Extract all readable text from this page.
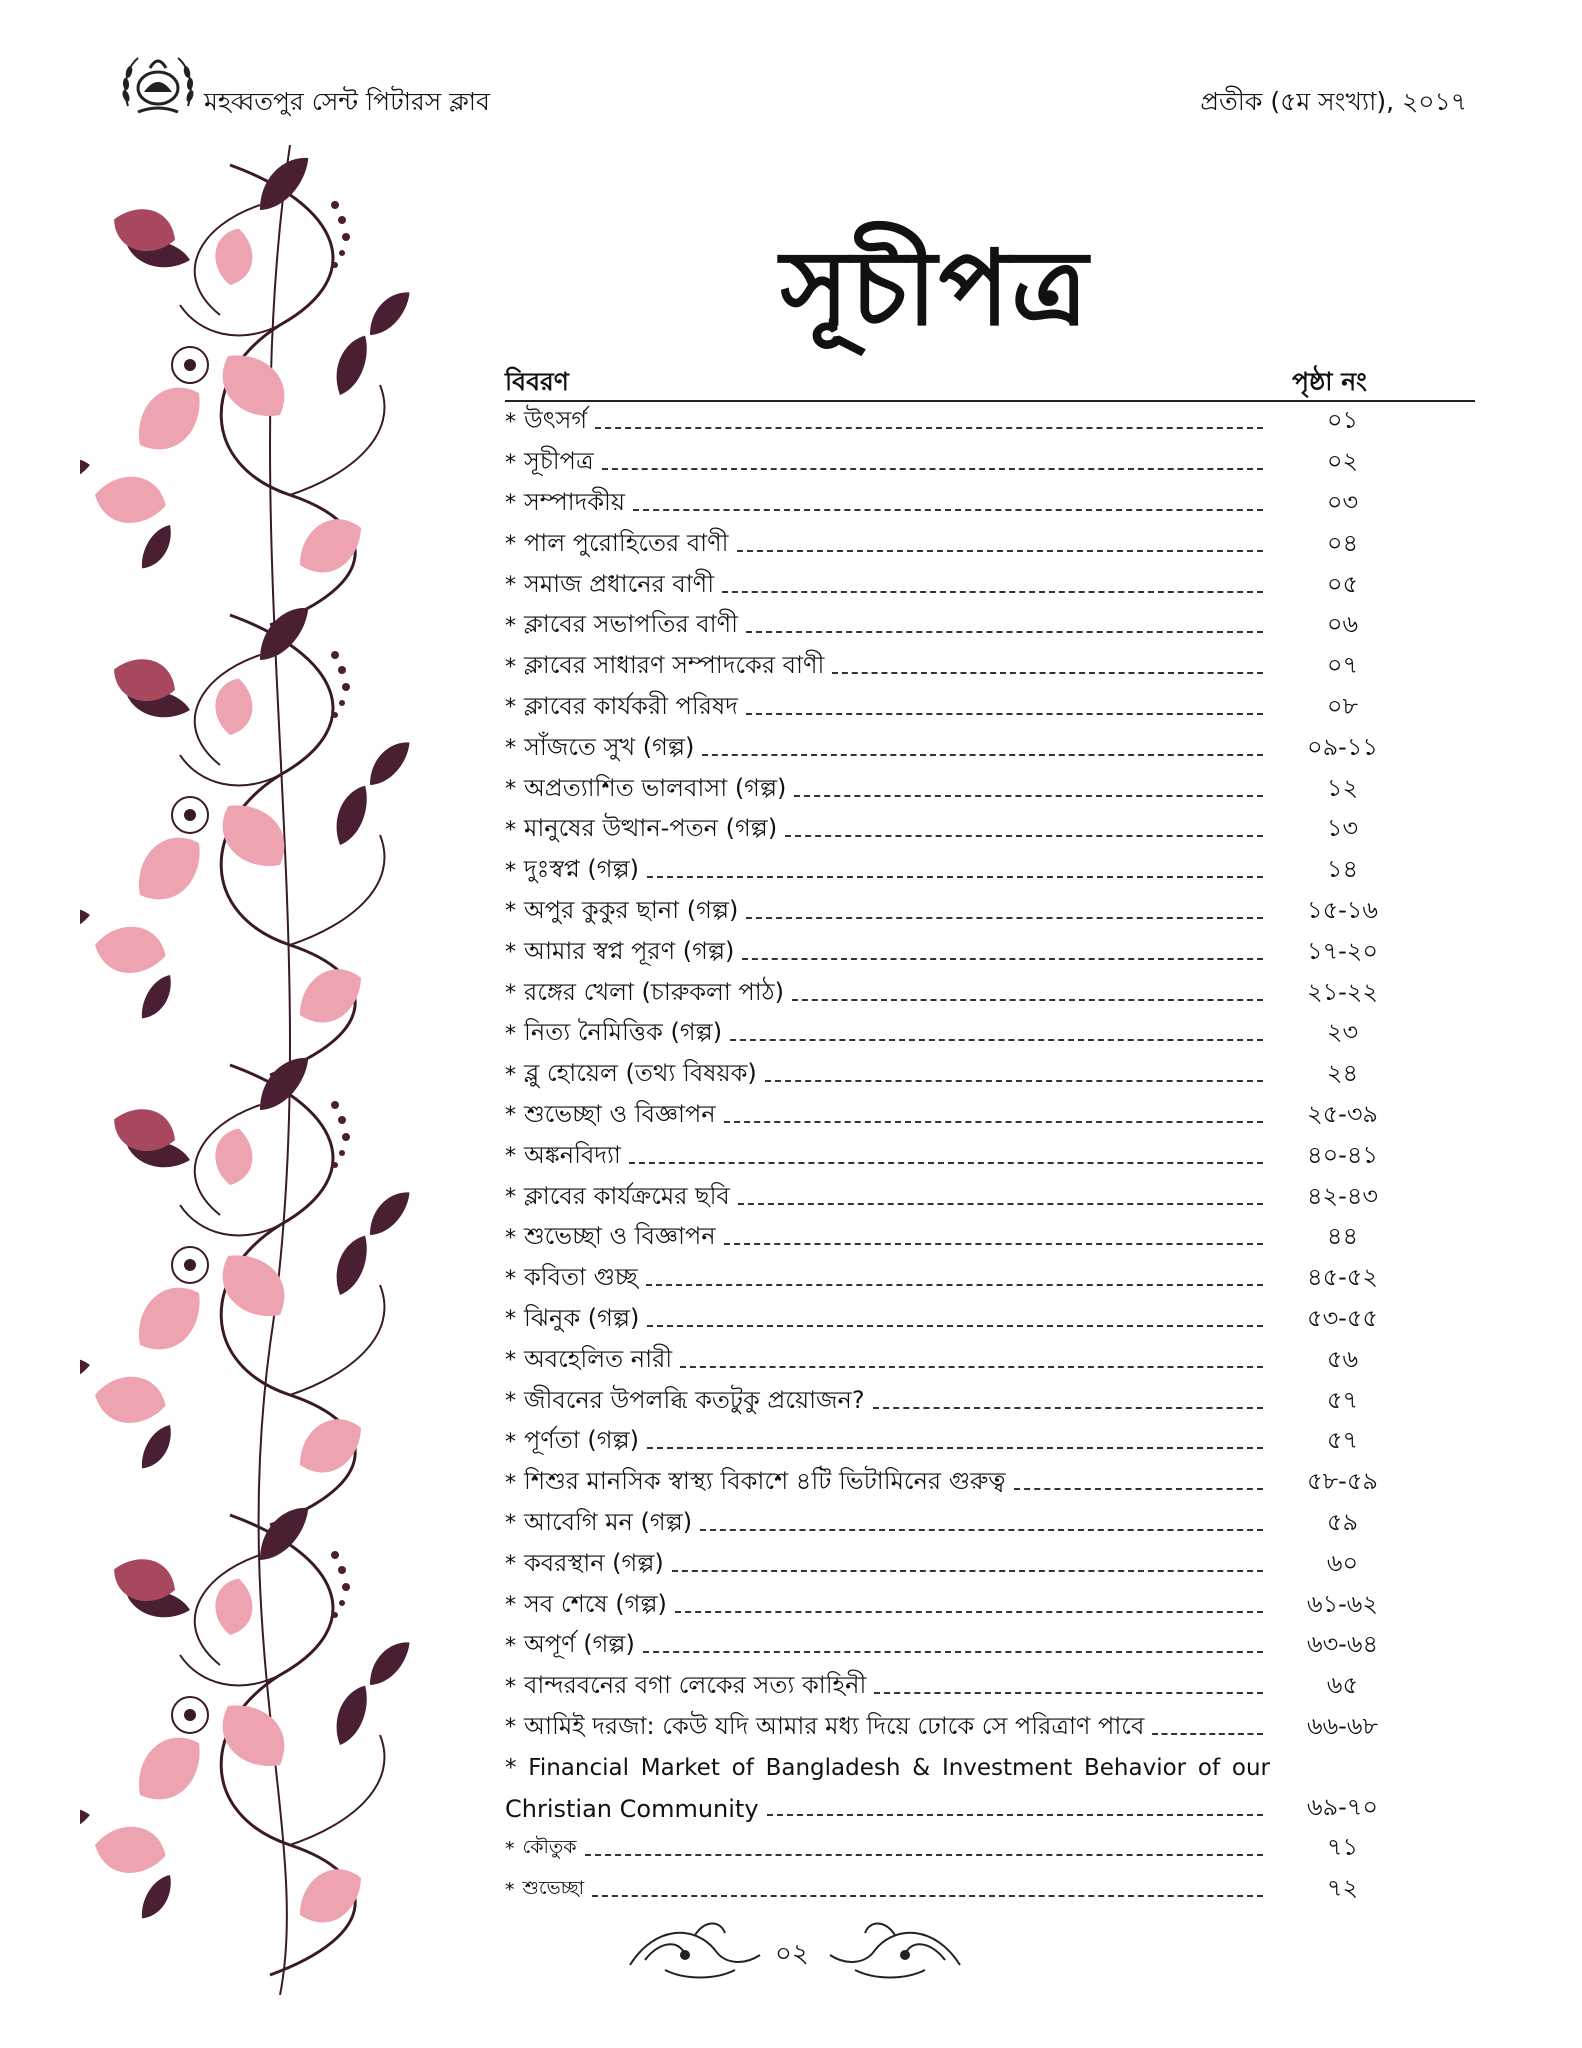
মহব্বতপুর সেন্ট পিটারস ক্লাব	প্রতীক (৫ম সংখ্যা), ২০১৭
সূচীপত্র
বিবরণ	পৃষ্ঠা নং
* উৎসর্গ	০১
* সূচীপত্র	০২
* সম্পাদকীয়	০৩
* পাল পুরোহিতের বাণী	০৪
* সমাজ প্রধানের বাণী	০৫
* ক্লাবের সভাপতির বাণী	০৬
* ক্লাবের সাধারণ সম্পাদকের বাণী	০৭
* ক্লাবের কার্যকরী পরিষদ	০৮
* সাঁজতে সুখ (গল্প)	০৯-১১
* অপ্রত্যাশিত ভালবাসা (গল্প)	১২
* মানুষের উত্থান-পতন (গল্প)	১৩
* দুঃস্বপ্ন (গল্প)	১৪
* অপুর কুকুর ছানা (গল্প)	১৫-১৬
* আমার স্বপ্ন পূরণ (গল্প)	১৭-২০
* রঙ্গের খেলা (চারুকলা পাঠ)	২১-২২
* নিত্য নৈমিত্তিক (গল্প)	২৩
* ব্লু হোয়েল (তথ্য বিষয়ক)	২৪
* শুভেচ্ছা ও বিজ্ঞাপন	২৫-৩৯
* অঙ্কনবিদ্যা	৪০-৪১
* ক্লাবের কার্যক্রমের ছবি	৪২-৪৩
* শুভেচ্ছা ও বিজ্ঞাপন	৪৪
* কবিতা গুচ্ছ	৪৫-৫২
* ঝিনুক (গল্প)	৫৩-৫৫
* অবহেলিত নারী	৫৬
* জীবনের উপলব্ধি কতটুকু প্রয়োজন?	৫৭
* পূর্ণতা (গল্প)	৫৭
* শিশুর মানসিক স্বাস্থ্য বিকাশে ৪টি ভিটামিনের গুরুত্ব	৫৮-৫৯
* আবেগি মন (গল্প)	৫৯
* কবরস্থান (গল্প)	৬০
* সব শেষে (গল্প)	৬১-৬২
* অপূর্ণ (গল্প)	৬৩-৬৪
* বান্দরবনের বগা লেকের সত্য কাহিনী	৬৫
* আমিই দরজা: কেউ যদি আমার মধ্য দিয়ে ঢোকে সে পরিত্রাণ পাবে	৬৬-৬৮
* Financial Market of Bangladesh & Investment Behavior of our
Christian Community	৬৯-৭০
* কৌতুক	৭১
* শুভেচ্ছা	৭২
০২
